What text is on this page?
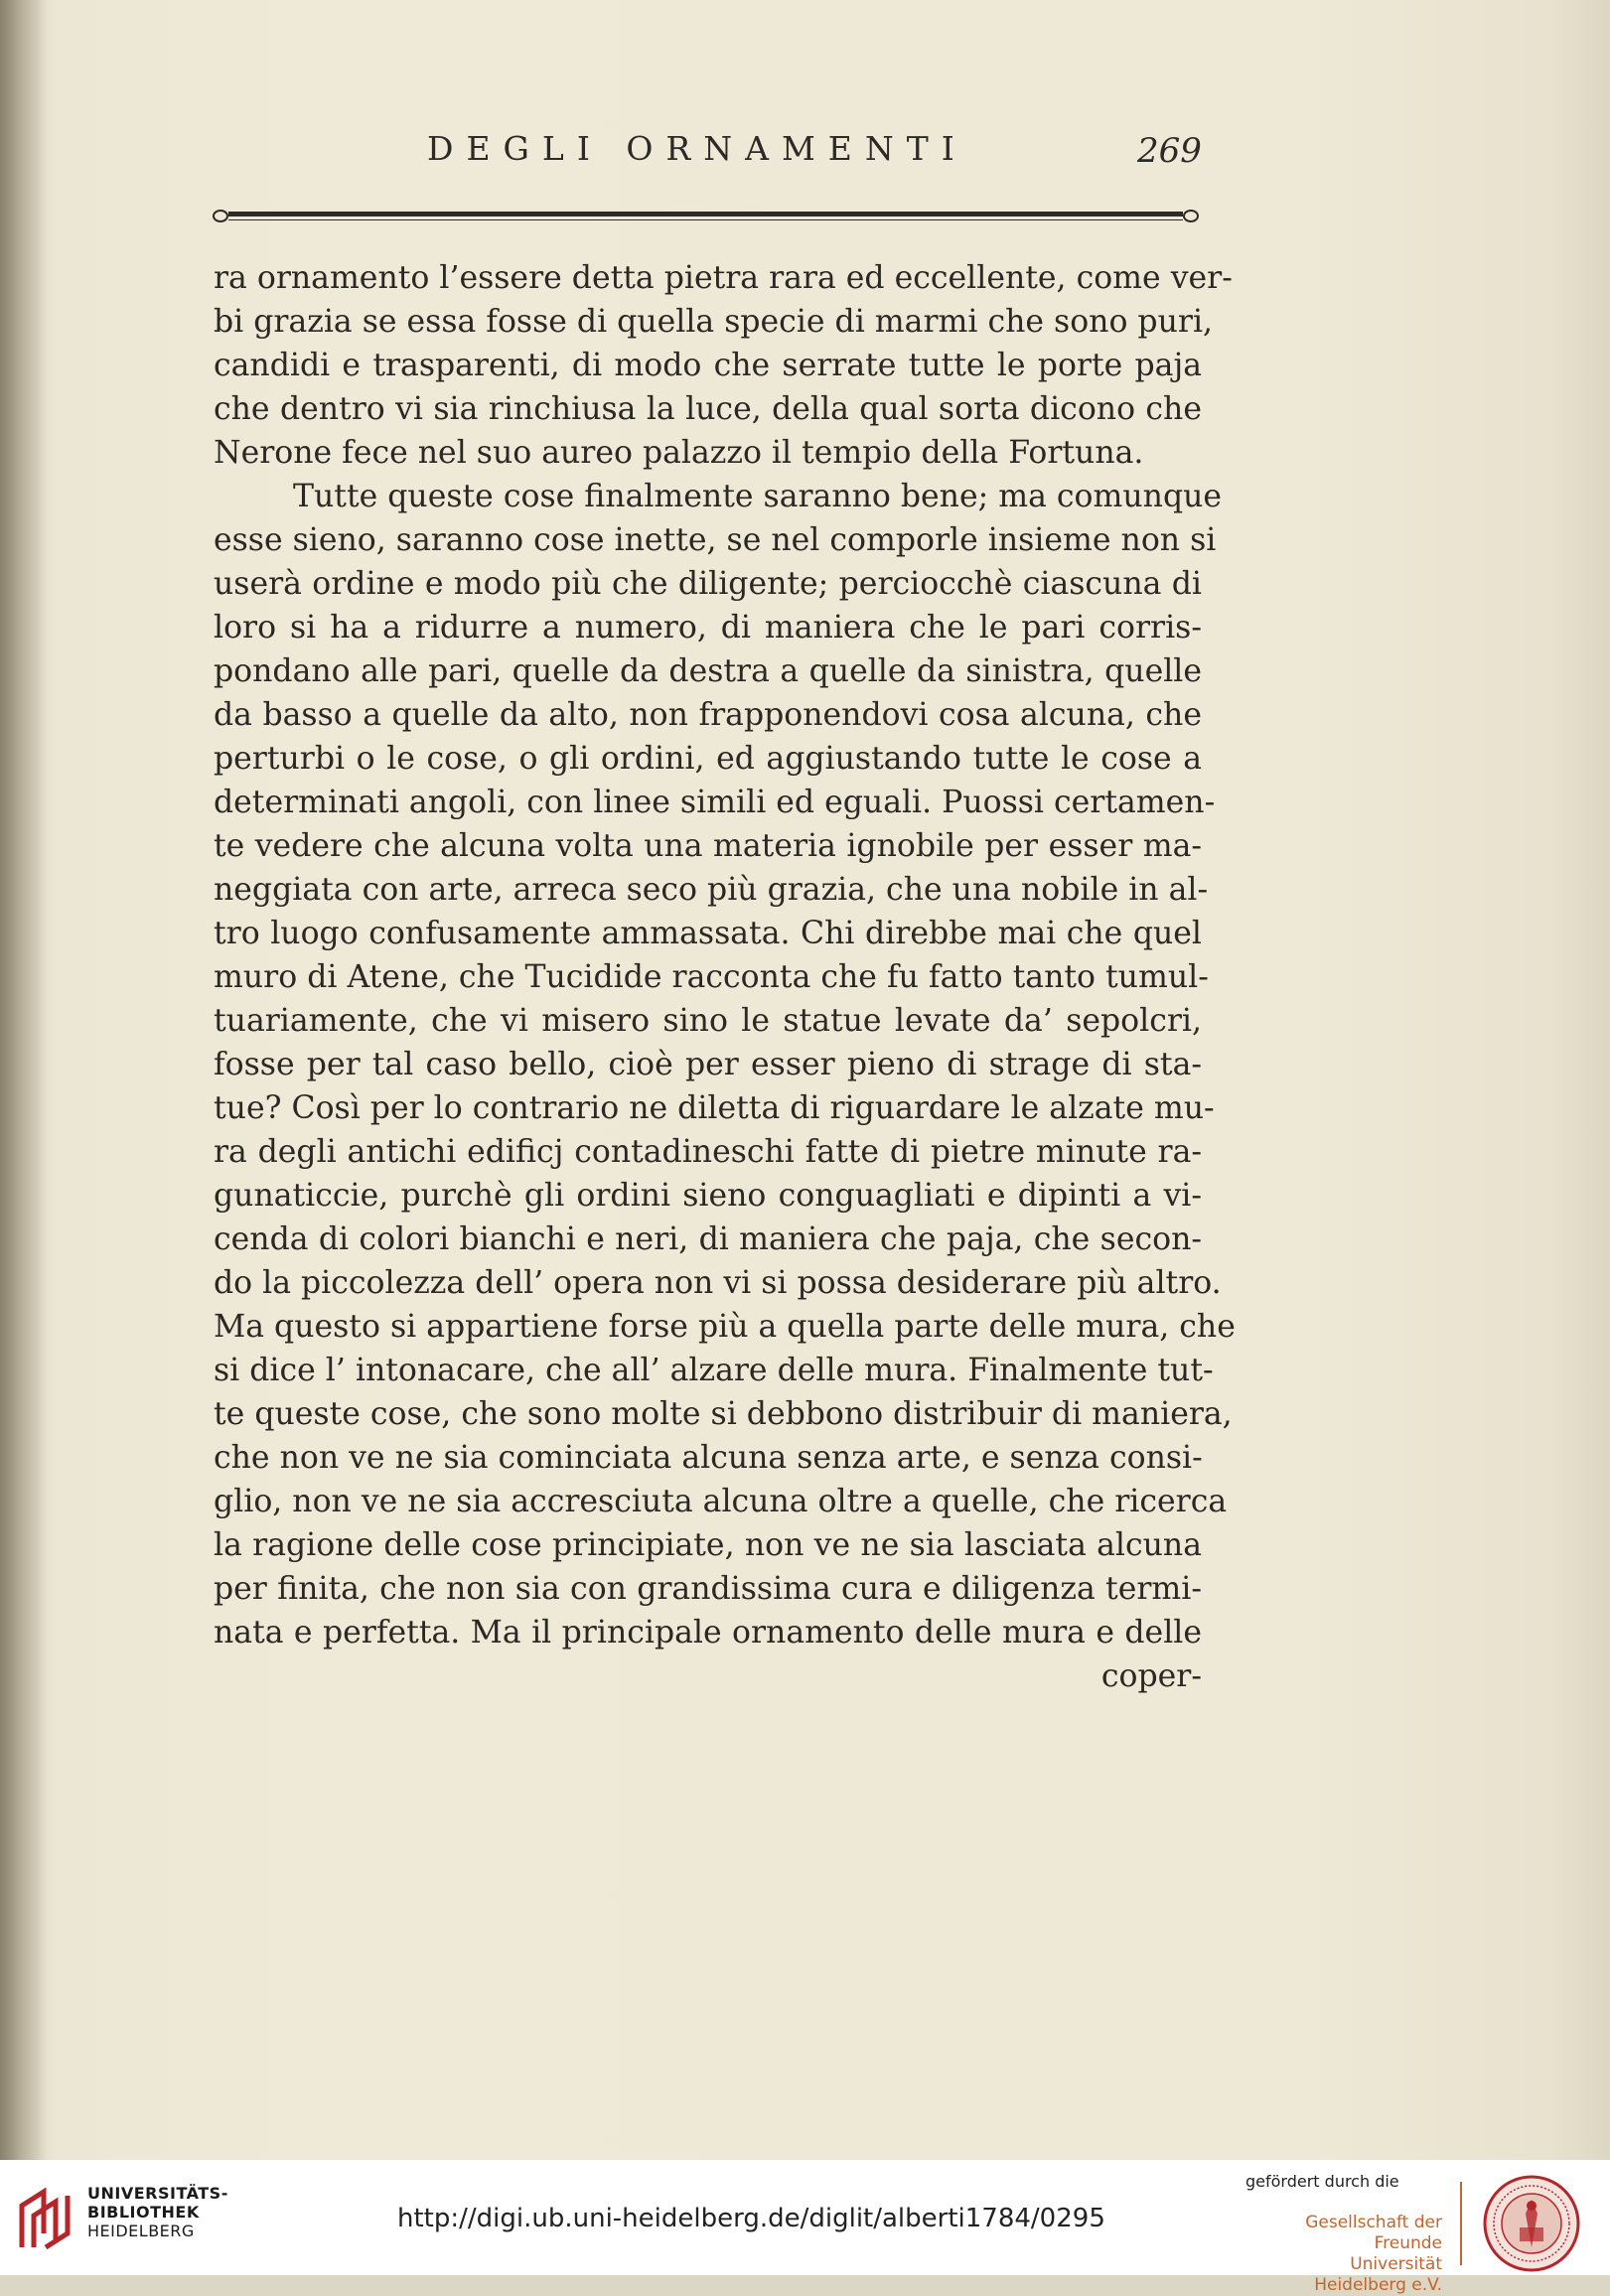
DEGLI ORNAMENTI	269
ra ornamento l’essere detta pietra rara ed eccellente, come ver-
bi grazia se essa fosse di quella specie di marmi che sono puri,
candidi e trasparenti, di modo che serrate tutte le porte paja
che dentro vi sia rinchiusa la luce, della qual sorta dicono che
Nerone fece nel suo aureo palazzo il tempio della Fortuna.
Tutte queste cose finalmente saranno bene; ma comunque
esse sieno, saranno cose inette, se nel comporle insieme non si
userà ordine e modo più che diligente; perciocchè ciascuna di
loro si ha a ridurre a numero, di maniera che le pari corris-
pondano alle pari, quelle da destra a quelle da sinistra, quelle
da basso a quelle da alto, non frapponendovi cosa alcuna, che
perturbi o le cose, o gli ordini, ed aggiustando tutte le cose a
determinati angoli, con linee simili ed eguali. Puossi certamen-
te vedere che alcuna volta una materia ignobile per esser ma-
neggiata con arte, arreca seco più grazia, che una nobile in al-
tro luogo confusamente ammassata. Chi direbbe mai che quel
muro di Atene, che Tucidide racconta che fu fatto tanto tumul-
tuariamente, che vi misero sino le statue levate da’ sepolcri,
fosse per tal caso bello, cioè per esser pieno di strage di sta-
tue? Così per lo contrario ne diletta di riguardare le alzate mu-
ra degli antichi edificj contadineschi fatte di pietre minute ra-
gunaticcie, purchè gli ordini sieno conguagliati e dipinti a vi-
cenda di colori bianchi e neri, di maniera che paja, che secon-
do la piccolezza dell’ opera non vi si possa desiderare più altro.
Ma questo si appartiene forse più a quella parte delle mura, che
si dice l’ intonacare, che all’ alzare delle mura. Finalmente tut-
te queste cose, che sono molte si debbono distribuir di maniera,
che non ve ne sia cominciata alcuna senza arte, e senza consi-
glio, non ve ne sia accresciuta alcuna oltre a quelle, che ricerca
la ragione delle cose principiate, non ve ne sia lasciata alcuna
per finita, che non sia con grandissima cura e diligenza termi-
nata e perfetta. Ma il principale ornamento delle mura e delle
coper-
UNIVERSITÄTS-
BIBLIOTHEK
HEIDELBERG	http://digi.ub.uni-heidelberg.de/diglit/alberti1784/0295
gefördert durch die
Gesellschaft der Freunde
Universität Heidelberg e.V.
